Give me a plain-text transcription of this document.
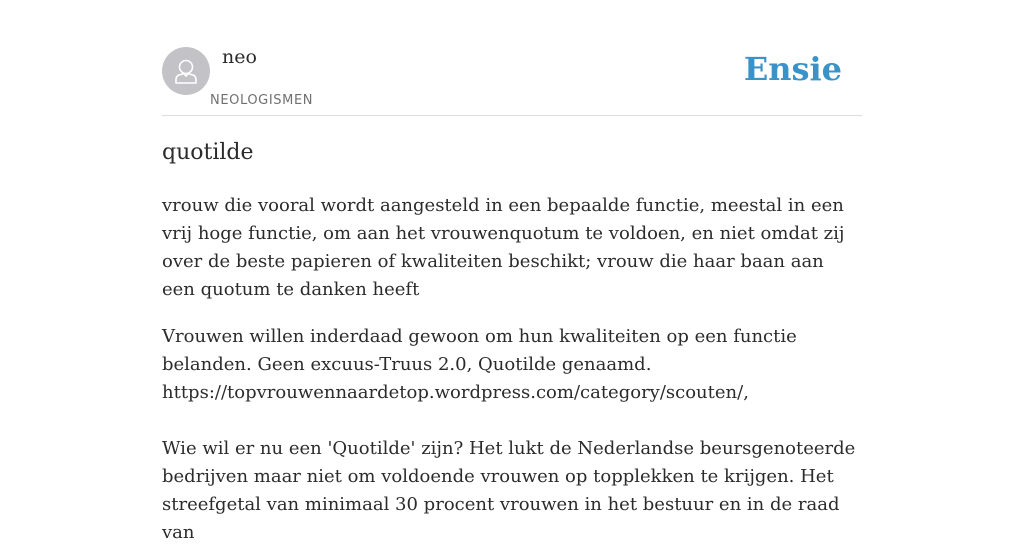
neo
NEOLOGISMEN
Ensie
quotilde
vrouw die vooral wordt aangesteld in een bepaalde functie, meestal in een vrij hoge functie, om aan het vrouwenquotum te voldoen, en niet omdat zij over de beste papieren of kwaliteiten beschikt; vrouw die haar baan aan een quotum te danken heeft

Vrouwen willen inderdaad gewoon om hun kwaliteiten op een functie belanden. Geen excuus-Truus 2.0, Quotilde genaamd.

https://topvrouwennaardetop.wordpress.com/category/scouten/,

Wie wil er nu een 'Quotilde' zijn? Het lukt de Nederlandse beursgenoteerde bedrijven maar niet om voldoende vrouwen op topplekken te krijgen. Het streefgetal van minimaal 30 procent vrouwen in het bestuur en in de raad van
